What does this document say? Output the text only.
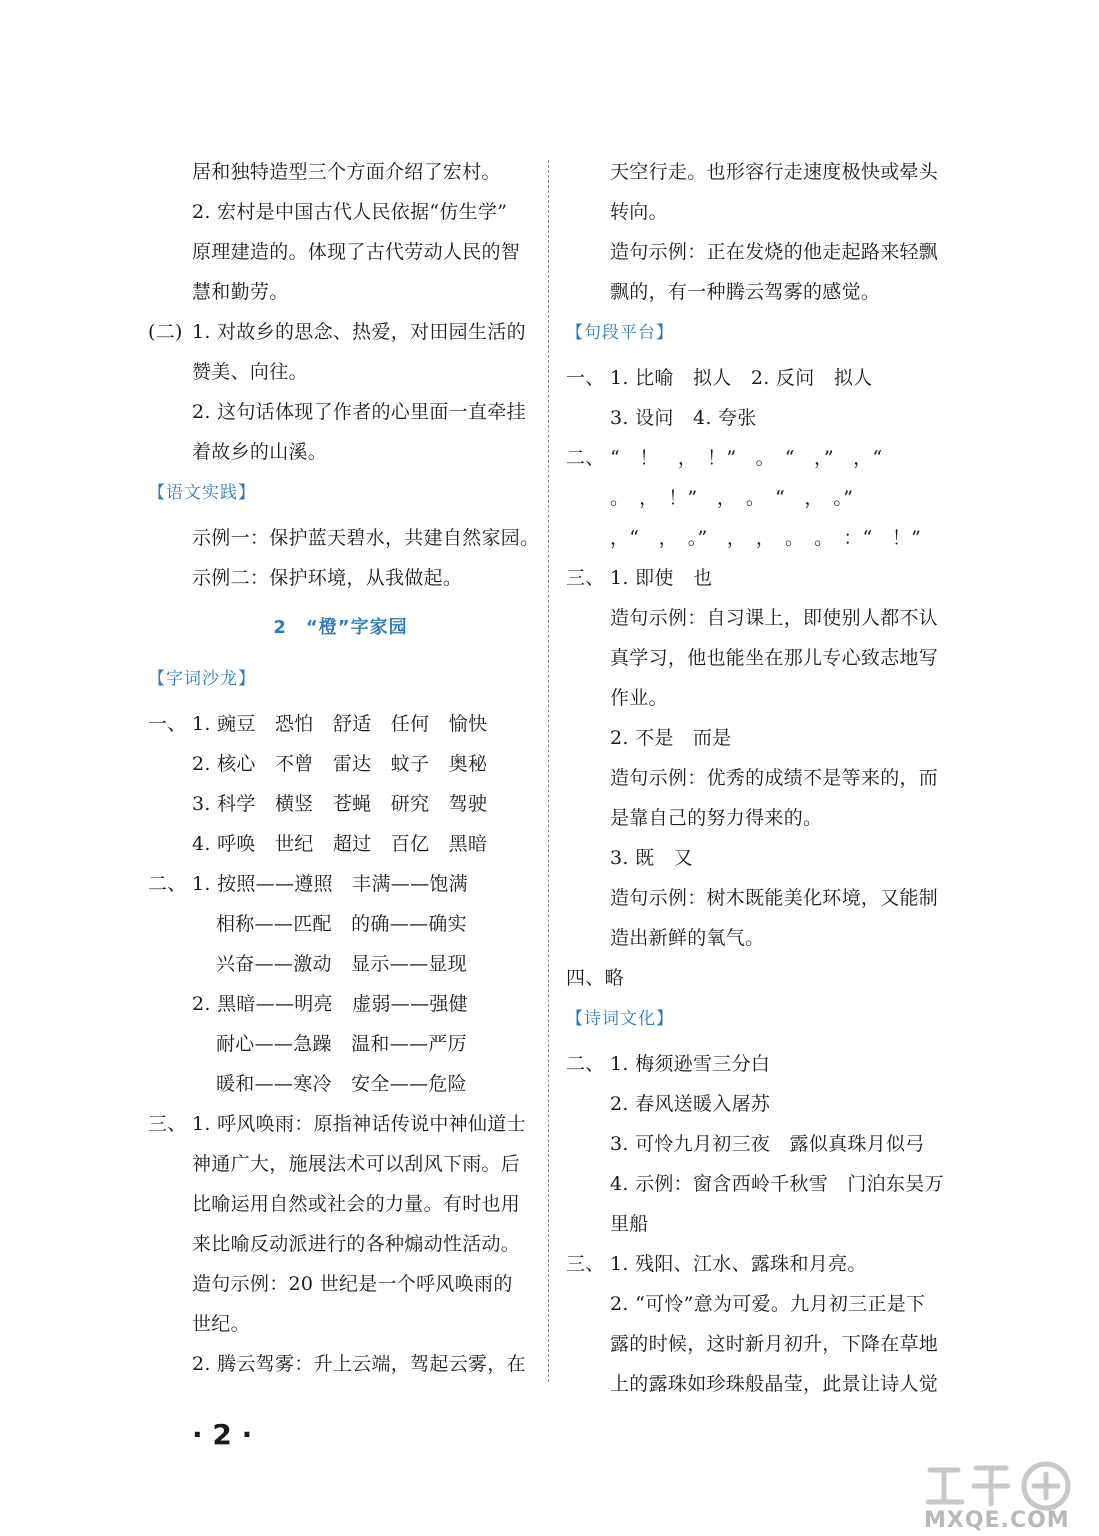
居和独特造型三个方面介绍了宏村。
2. 宏村是中国古代人民依据“仿生学”
原理建造的。体现了古代劳动人民的智
慧和勤劳。
(二) 1. 对故乡的思念、热爱，对田园生活的
赞美、向往。
2. 这句话体现了作者的心里面一直牵挂
着故乡的山溪。
【语文实践】
示例一：保护蓝天碧水，共建自然家园。
示例二：保护环境，从我做起。
2　“橙”字家园
【字词沙龙】
一、 1. 豌豆　恐怕　舒适　任何　愉快
2. 核心　不曾　雷达　蚊子　奥秘
3. 科学　横竖　苍蝇　研究　驾驶
4. 呼唤　世纪　超过　百亿　黑暗
二、 1. 按照——遵照　丰满——饱满
相称——匹配　的确——确实
兴奋——激动　显示——显现
2. 黑暗——明亮　虚弱——强健
耐心——急躁　温和——严厉
暖和——寒冷　安全——危险
三、 1. 呼风唤雨：原指神话传说中神仙道士
神通广大，施展法术可以刮风下雨。后
比喻运用自然或社会的力量。有时也用
来比喻反动派进行的各种煽动性活动。
造句示例：20 世纪是一个呼风唤雨的
世纪。
2. 腾云驾雾：升上云端，驾起云雾，在
天空行走。也形容行走速度极快或晕头
转向。
造句示例：正在发烧的他走起路来轻飘
飘的，有一种腾云驾雾的感觉。
【句段平台】
一、 1. 比喻　拟人　2. 反问　拟人
3. 设问　4. 夸张
二、 “　！　，　！”　。　“　，”　，“
。　，　！”　，　。　“　，　。”
，“　，　。”　，　，　。　。　：“　！”
三、 1. 即使　也
造句示例：自习课上，即使别人都不认
真学习，他也能坐在那儿专心致志地写
作业。
2. 不是　而是
造句示例：优秀的成绩不是等来的，而
是靠自己的努力得来的。
3. 既　又
造句示例：树木既能美化环境，又能制
造出新鲜的氧气。
四、略
【诗词文化】
二、 1. 梅须逊雪三分白
2. 春风送暖入屠苏
3. 可怜九月初三夜　露似真珠月似弓
4. 示例：窗含西岭千秋雪　门泊东吴万
里船
三、 1. 残阳、江水、露珠和月亮。
2. “可怜”意为可爱。九月初三正是下
露的时候，这时新月初升，下降在草地
上的露珠如珍珠般晶莹，此景让诗人觉
· 2 ·
MXQE.COM
